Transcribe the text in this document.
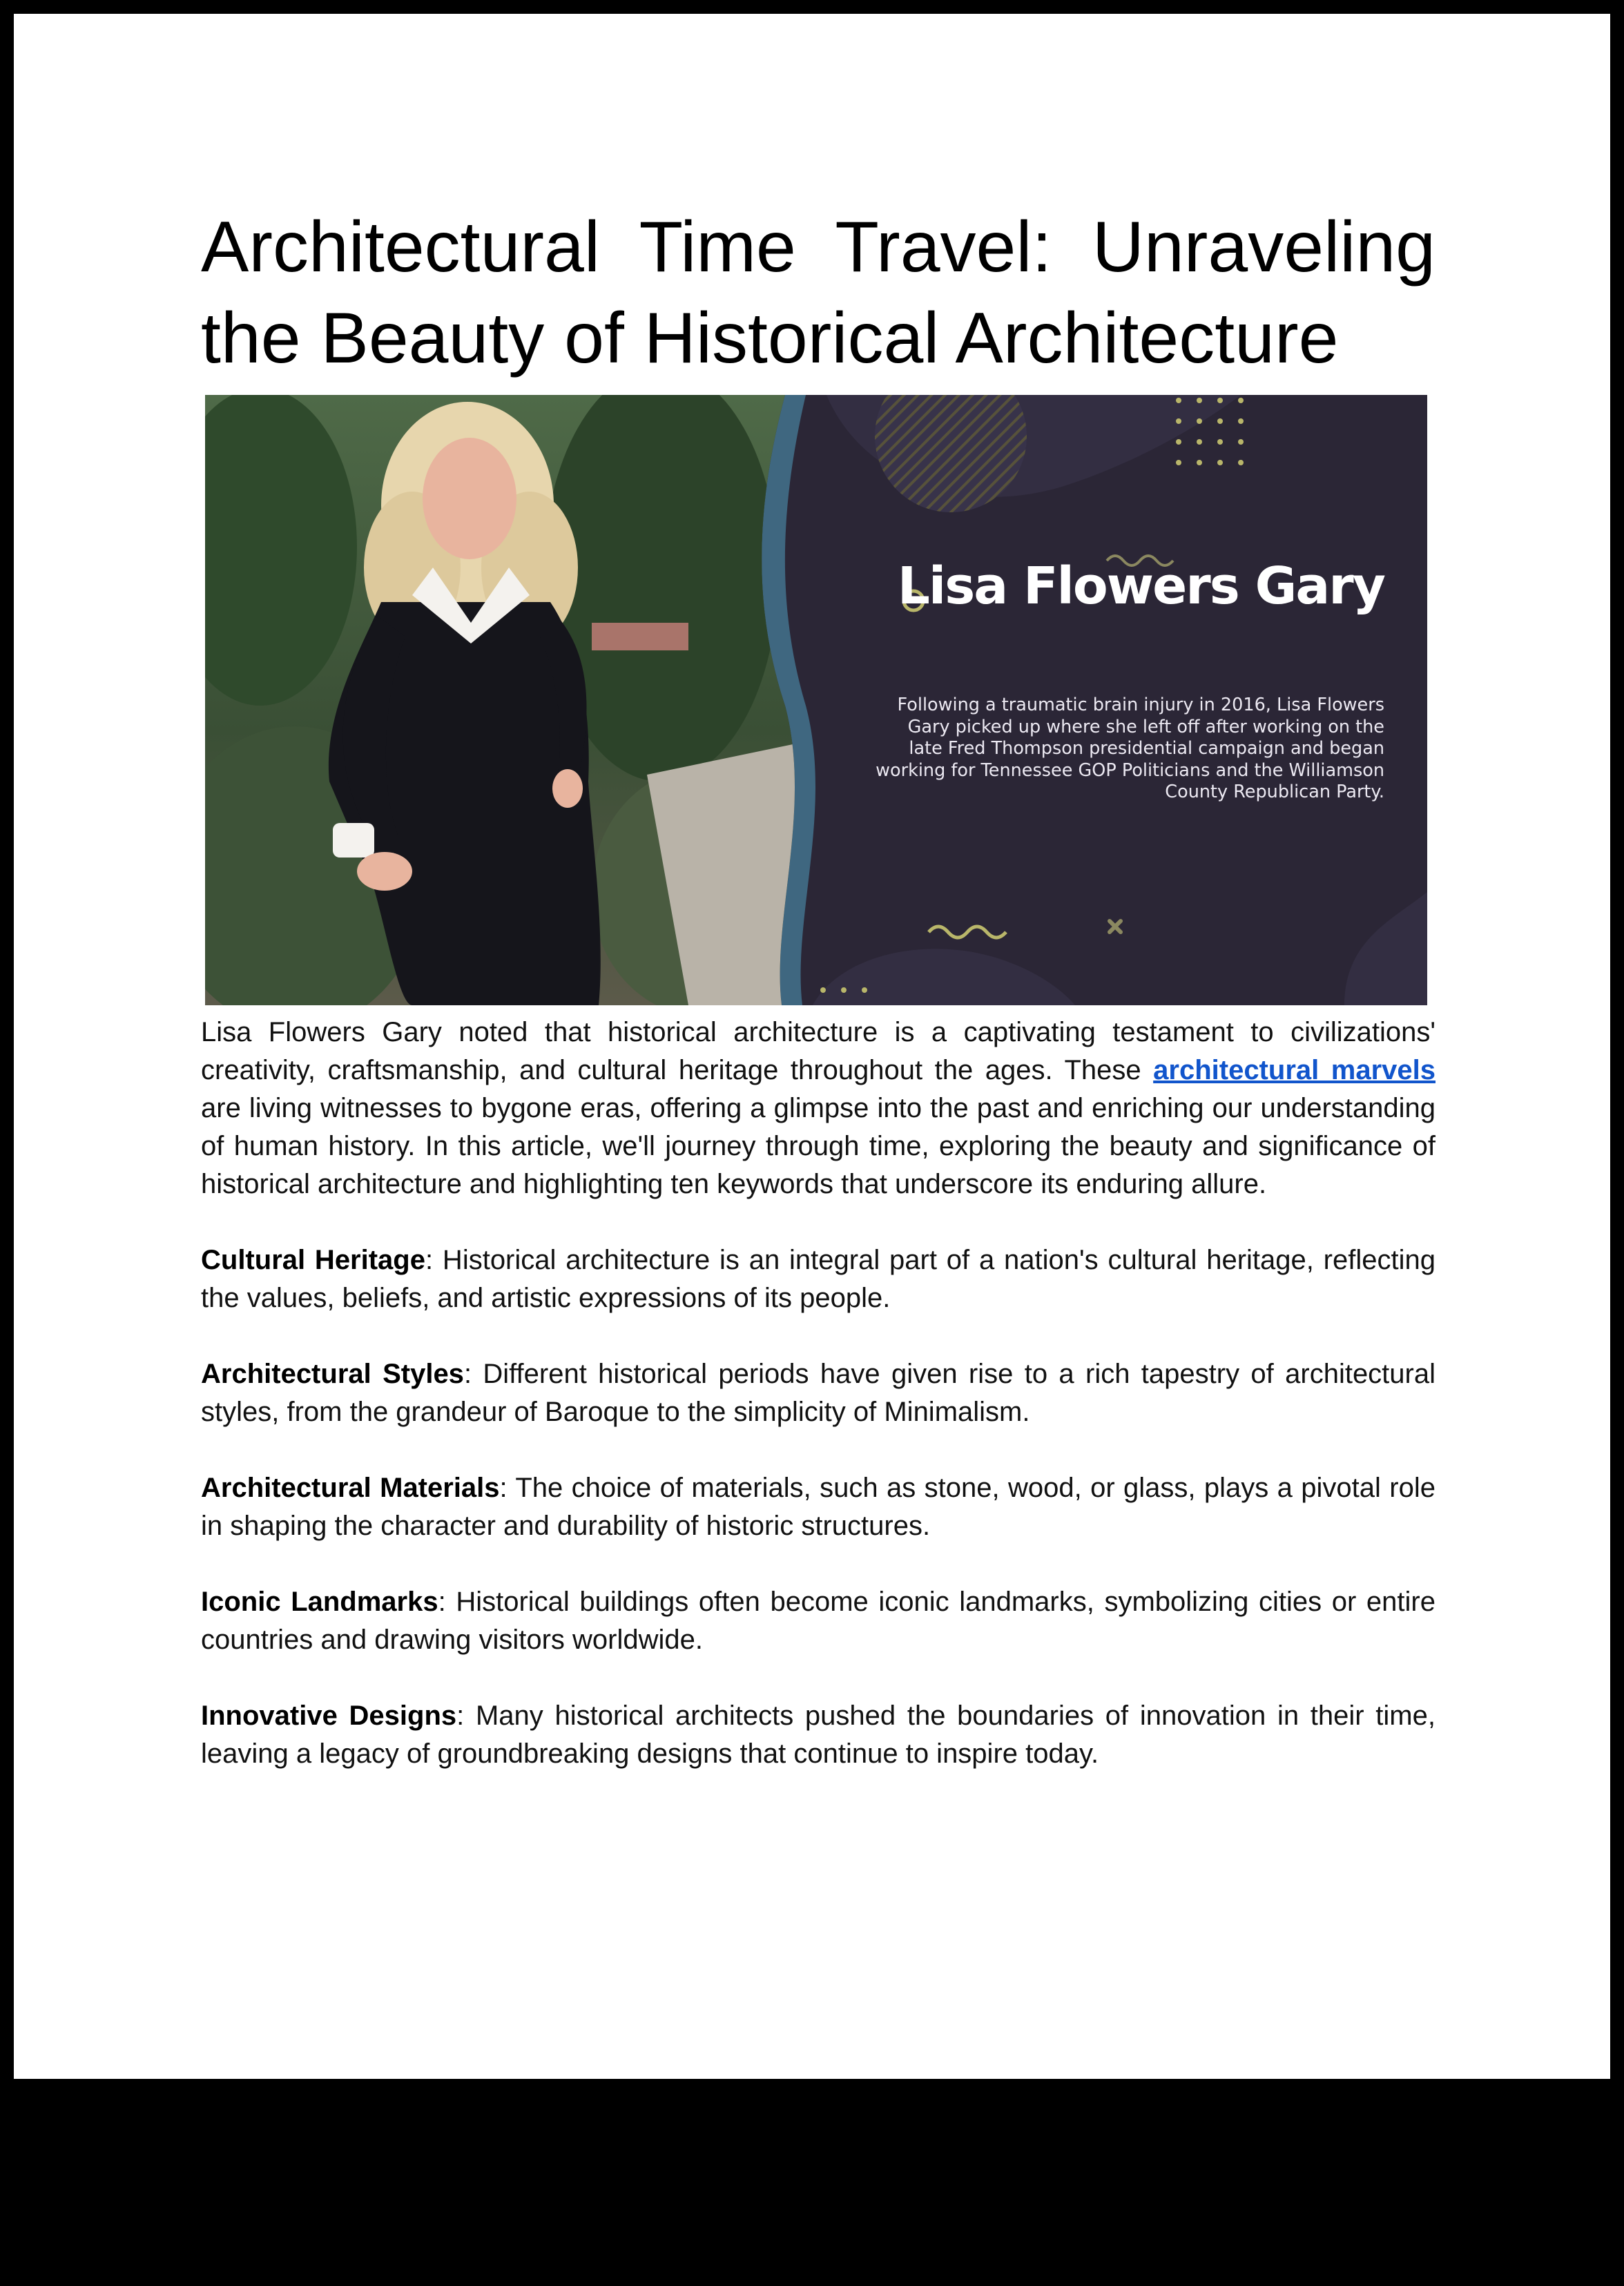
Architectural Time Travel: Unraveling the Beauty of Historical Architecture

Lisa Flowers Gary

Following a traumatic brain injury in 2016, Lisa Flowers Gary picked up where she left off after working on the late Fred Thompson presidential campaign and began working for Tennessee GOP Politicians and the Williamson County Republican Party.

Lisa Flowers Gary noted that historical architecture is a captivating testament to civilizations' creativity, craftsmanship, and cultural heritage throughout the ages. These architectural marvels are living witnesses to bygone eras, offering a glimpse into the past and enriching our understanding of human history. In this article, we'll journey through time, exploring the beauty and significance of historical architecture and highlighting ten keywords that underscore its enduring allure.

Cultural Heritage: Historical architecture is an integral part of a nation's cultural heritage, reflecting the values, beliefs, and artistic expressions of its people.

Architectural Styles: Different historical periods have given rise to a rich tapestry of architectural styles, from the grandeur of Baroque to the simplicity of Minimalism.

Architectural Materials: The choice of materials, such as stone, wood, or glass, plays a pivotal role in shaping the character and durability of historic structures.

Iconic Landmarks: Historical buildings often become iconic landmarks, symbolizing cities or entire countries and drawing visitors worldwide.

Innovative Designs: Many historical architects pushed the boundaries of innovation in their time, leaving a legacy of groundbreaking designs that continue to inspire today.
